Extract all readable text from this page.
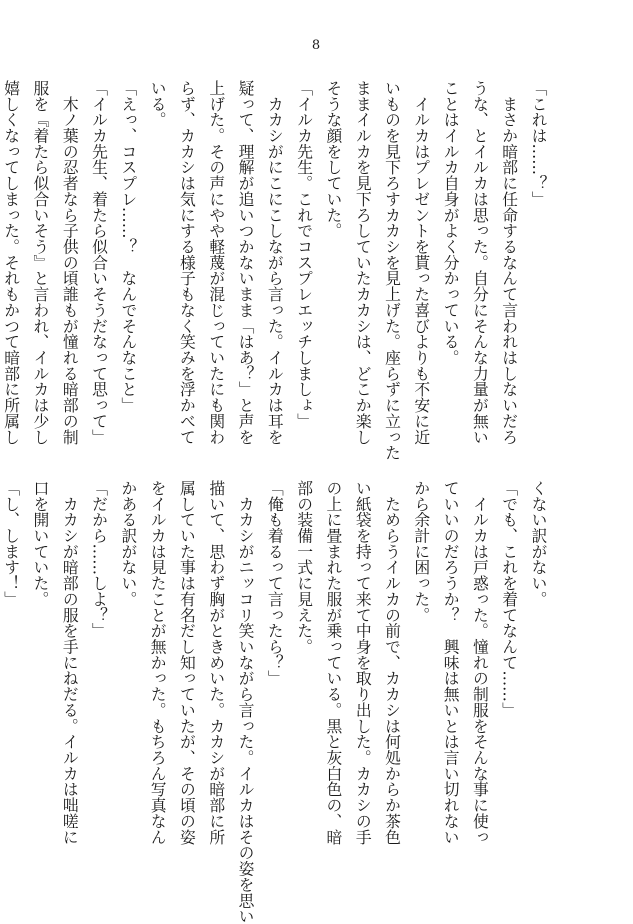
8
「これは……？」
　まさか暗部に任命するなんて言われはしないだろ
うな、とイルカは思った。自分にそんな力量が無い
ことはイルカ自身がよく分かっている。
　イルカはプレゼントを貰った喜びよりも不安に近
いものを見下ろすカカシを見上げた。座らずに立った
ままイルカを見下ろしていたカカシは、どこか楽し
そうな顔をしていた。
「イルカ先生。これでコスプレエッチしましょ」
　カカシがにこにこしながら言った。イルカは耳を
疑って、理解が追いつかないまま「はあ？」と声を
上げた。その声にやや軽蔑が混じっていたにも関わ
らず、カカシは気にする様子もなく笑みを浮かべて
いる。
「えっ、コスプレ……？　なんでそんなこと」
「イルカ先生、着たら似合いそうだなって思って」
　木ノ葉の忍者なら子供の頃誰もが憧れる暗部の制
服を『着たら似合いそう』と言われ、イルカは少し
嬉しくなってしまった。それもかつて暗部に所属し
くない訳がない。
「でも、これを着てなんて……」
　イルカは戸惑った。憧れの制服をそんな事に使っ
ていいのだろうか？　興味は無いとは言い切れない
から余計に困った。
　ためらうイルカの前で、カカシは何処からか茶色
い紙袋を持って来て中身を取り出した。カカシの手
の上に畳まれた服が乗っている。黒と灰白色の、暗
部の装備一式に見えた。
「俺も着るって言ったら？」
　カカシがニッコリ笑いながら言った。イルカはその姿を思い
描いて、思わず胸がときめいた。カカシが暗部に所
属していた事は有名だし知っていたが、その頃の姿
をイルカは見たことが無かった。もちろん写真なん
かある訳がない。
「だから……しよ？」
　カカシが暗部の服を手にねだる。イルカは咄嗟に
口を開いていた。
「し、します！」
